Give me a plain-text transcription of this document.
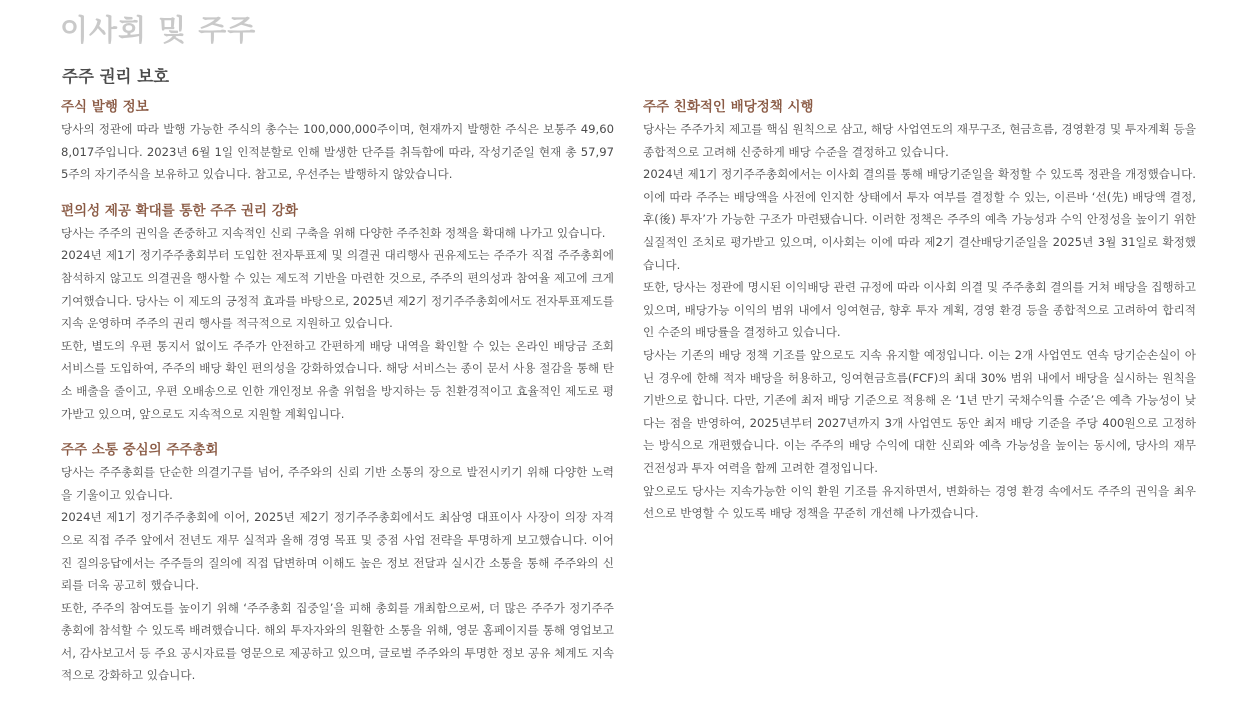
이사회 및 주주
주주 권리 보호
주식 발행 정보

당사의 정관에 따라 발행 가능한 주식의 총수는 100,000,000주이며, 현재까지 발행한 주식은 보통주 49,608,017주입니다. 2023년 6월 1일 인적분할로 인해 발생한 단주를 취득함에 따라, 작성기준일 현재 총 57,975주의 자기주식을 보유하고 있습니다. 참고로, 우선주는 발행하지 않았습니다.

편의성 제공 확대를 통한 주주 권리 강화

당사는 주주의 권익을 존중하고 지속적인 신뢰 구축을 위해 다양한 주주친화 정책을 확대해 나가고 있습니다.

2024년 제1기 정기주주총회부터 도입한 전자투표제 및 의결권 대리행사 권유제도는 주주가 직접 주주총회에 참석하지 않고도 의결권을 행사할 수 있는 제도적 기반을 마련한 것으로, 주주의 편의성과 참여율 제고에 크게 기여했습니다. 당사는 이 제도의 긍정적 효과를 바탕으로, 2025년 제2기 정기주주총회에서도 전자투표제도를 지속 운영하며 주주의 권리 행사를 적극적으로 지원하고 있습니다.

또한, 별도의 우편 통지서 없이도 주주가 안전하고 간편하게 배당 내역을 확인할 수 있는 온라인 배당금 조회 서비스를 도입하여, 주주의 배당 확인 편의성을 강화하였습니다. 해당 서비스는 종이 문서 사용 절감을 통해 탄소 배출을 줄이고, 우편 오배송으로 인한 개인정보 유출 위험을 방지하는 등 친환경적이고 효율적인 제도로 평가받고 있으며, 앞으로도 지속적으로 지원할 계획입니다.

주주 소통 중심의 주주총회

당사는 주주총회를 단순한 의결기구를 넘어, 주주와의 신뢰 기반 소통의 장으로 발전시키기 위해 다양한 노력을 기울이고 있습니다.

2024년 제1기 정기주주총회에 이어, 2025년 제2기 정기주주총회에서도 최삼영 대표이사 사장이 의장 자격으로 직접 주주 앞에서 전년도 재무 실적과 올해 경영 목표 및 중점 사업 전략을 투명하게 보고했습니다. 이어진 질의응답에서는 주주들의 질의에 직접 답변하며 이해도 높은 정보 전달과 실시간 소통을 통해 주주와의 신뢰를 더욱 공고히 했습니다.

또한, 주주의 참여도를 높이기 위해 ‘주주총회 집중일’을 피해 총회를 개최함으로써, 더 많은 주주가 정기주주총회에 참석할 수 있도록 배려했습니다. 해외 투자자와의 원활한 소통을 위해, 영문 홈페이지를 통해 영업보고서, 감사보고서 등 주요 공시자료를 영문으로 제공하고 있으며, 글로벌 주주와의 투명한 정보 공유 체계도 지속적으로 강화하고 있습니다.

주주 친화적인 배당정책 시행

당사는 주주가치 제고를 핵심 원칙으로 삼고, 해당 사업연도의 재무구조, 현금흐름, 경영환경 및 투자계획 등을 종합적으로 고려해 신중하게 배당 수준을 결정하고 있습니다.

2024년 제1기 정기주주총회에서는 이사회 결의를 통해 배당기준일을 확정할 수 있도록 정관을 개정했습니다. 이에 따라 주주는 배당액을 사전에 인지한 상태에서 투자 여부를 결정할 수 있는, 이른바 ‘선(先) 배당액 결정, 후(後) 투자’가 가능한 구조가 마련됐습니다. 이러한 정책은 주주의 예측 가능성과 수익 안정성을 높이기 위한 실질적인 조치로 평가받고 있으며, 이사회는 이에 따라 제2기 결산배당기준일을 2025년 3월 31일로 확정했습니다.

또한, 당사는 정관에 명시된 이익배당 관련 규정에 따라 이사회 의결 및 주주총회 결의를 거쳐 배당을 집행하고 있으며, 배당가능 이익의 범위 내에서 잉여현금, 향후 투자 계획, 경영 환경 등을 종합적으로 고려하여 합리적인 수준의 배당률을 결정하고 있습니다.

당사는 기존의 배당 정책 기조를 앞으로도 지속 유지할 예정입니다. 이는 2개 사업연도 연속 당기순손실이 아닌 경우에 한해 적자 배당을 허용하고, 잉여현금흐름(FCF)의 최대 30% 범위 내에서 배당을 실시하는 원칙을 기반으로 합니다. 다만, 기존에 최저 배당 기준으로 적용해 온 ‘1년 만기 국채수익률 수준’은 예측 가능성이 낮다는 점을 반영하여, 2025년부터 2027년까지 3개 사업연도 동안 최저 배당 기준을 주당 400원으로 고정하는 방식으로 개편했습니다. 이는 주주의 배당 수익에 대한 신뢰와 예측 가능성을 높이는 동시에, 당사의 재무 건전성과 투자 여력을 함께 고려한 결정입니다.

앞으로도 당사는 지속가능한 이익 환원 기조를 유지하면서, 변화하는 경영 환경 속에서도 주주의 권익을 최우선으로 반영할 수 있도록 배당 정책을 꾸준히 개선해 나가겠습니다.
